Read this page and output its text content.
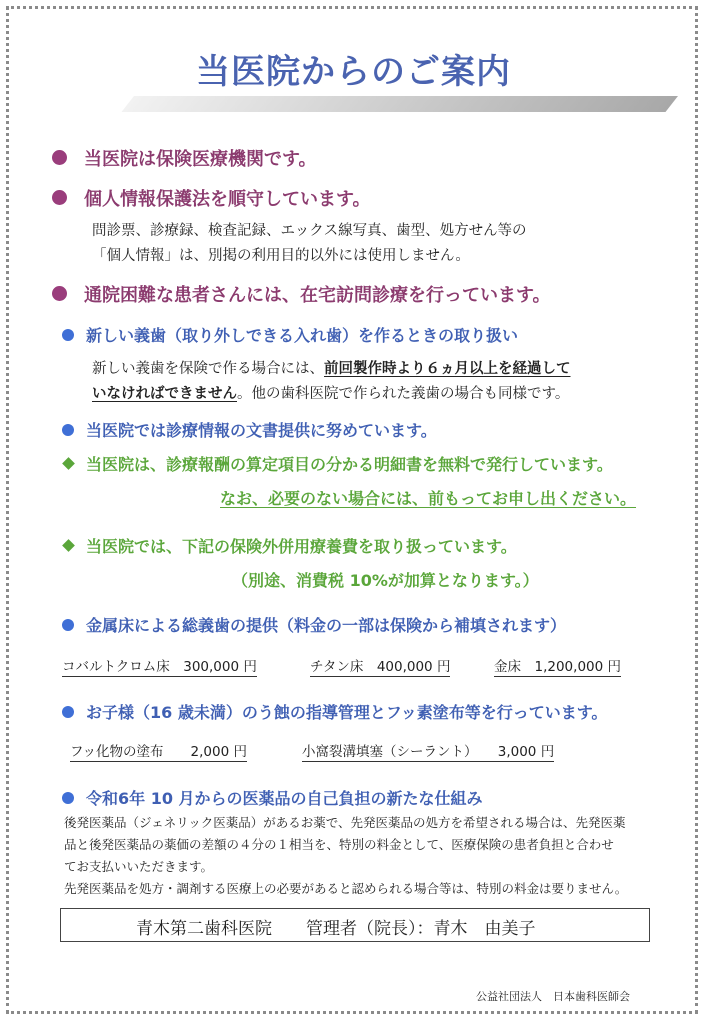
当医院からのご案内
当医院は保険医療機関です。
個人情報保護法を順守しています。
問診票、診療録、検査記録、エックス線写真、歯型、処方せん等の
「個人情報」は、別掲の利用目的以外には使用しません。
通院困難な患者さんには、在宅訪問診療を行っています。
新しい義歯（取り外しできる入れ歯）を作るときの取り扱い
新しい義歯を保険で作る場合には、前回製作時より６ヵ月以上を経過して
いなければできません。他の歯科医院で作られた義歯の場合も同様です。
当医院では診療情報の文書提供に努めています。
当医院は、診療報酬の算定項目の分かる明細書を無料で発行しています。
なお、必要のない場合には、前もってお申し出ください。
当医院では、下記の保険外併用療養費を取り扱っています。
（別途、消費税 10%が加算となります。）
金属床による総義歯の提供（料金の一部は保険から補填されます）
コバルトクロム床　300,000 円	チタン床　400,000 円	金床　1,200,000 円
お子様（16 歳未満）のう蝕の指導管理とフッ素塗布等を行っています。
フッ化物の塗布　　2,000 円	小窩裂溝填塞（シーラント）　　3,000 円
令和6年 10 月からの医薬品の自己負担の新たな仕組み
後発医薬品（ジェネリック医薬品）があるお薬で、先発医薬品の処方を希望される場合は、先発医薬
品と後発医薬品の薬価の差額の４分の１相当を、特別の料金として、医療保険の患者負担と合わせ
てお支払いいただきます。
先発医薬品を処方・調剤する医療上の必要があると認められる場合等は、特別の料金は要りません。
青木第二歯科医院　　管理者（院長）：青木　由美子
公益社団法人　日本歯科医師会
